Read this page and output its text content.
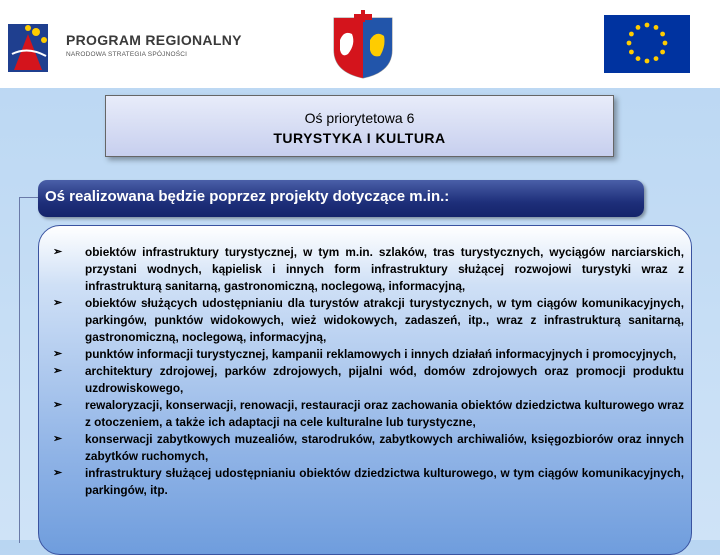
PROGRAM REGIONALNY
NARODOWA STRATEGIA SPÓJNOŚCI
Oś priorytetowa 6
TURYSTYKA I KULTURA
Oś realizowana będzie poprzez projekty dotyczące m.in.:
➢ obiektów infrastruktury turystycznej, w tym m.in. szlaków, tras turystycznych, wyciągów narciarskich, przystani wodnych, kąpielisk i innych form infrastruktury służącej rozwojowi turystyki wraz z infrastrukturą sanitarną, gastronomiczną, noclegową, informacyjną,
➢ obiektów służących udostępnianiu dla turystów atrakcji turystycznych, w tym ciągów komunikacyjnych, parkingów, punktów widokowych, wież widokowych, zadaszeń, itp., wraz z infrastrukturą sanitarną, gastronomiczną, noclegową, informacyjną,
➢ punktów informacji turystycznej, kampanii reklamowych i innych działań informacyjnych i promocyjnych,
➢ architektury zdrojowej, parków zdrojowych, pijalni wód, domów zdrojowych oraz promocji produktu uzdrowiskowego,
➢ rewaloryzacji, konserwacji, renowacji, restauracji oraz zachowania obiektów dziedzictwa kulturowego wraz z otoczeniem, a także ich adaptacji na cele kulturalne lub turystyczne,
➢ konserwacji zabytkowych muzealiów, starodruków, zabytkowych archiwaliów, księgozbiorów oraz innych zabytków ruchomych,
➢ infrastruktury służącej udostępnianiu obiektów dziedzictwa kulturowego, w tym ciągów komunikacyjnych, parkingów, itp.
